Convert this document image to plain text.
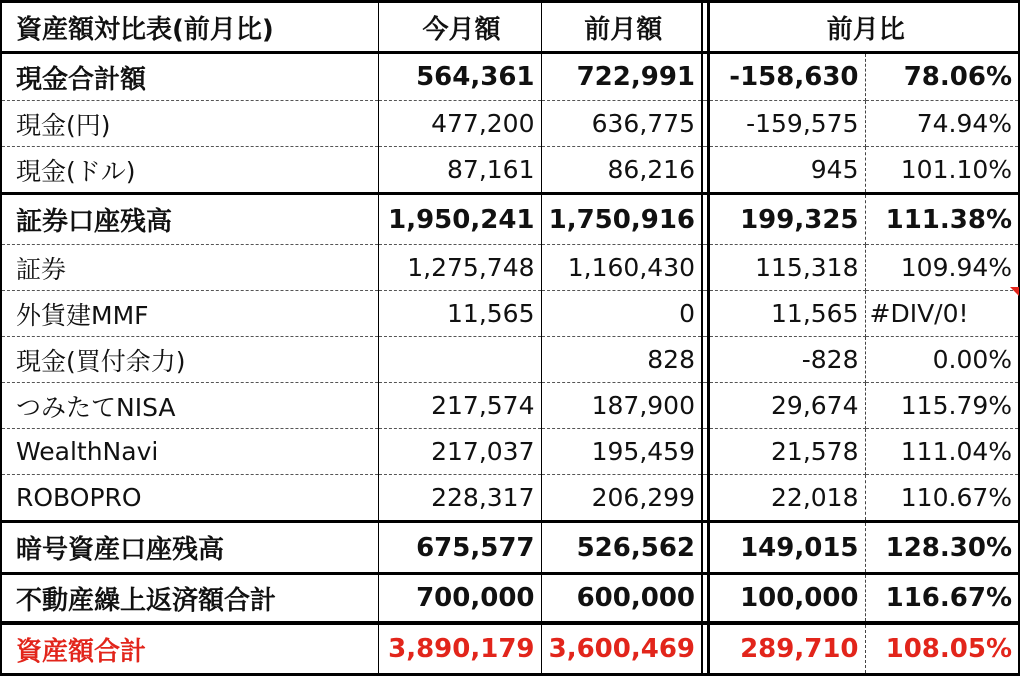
資産額対比表(前月比)	今月額	前月額		前月比	
現金合計額	564,361	722,991		-158,630	78.06%
現金(円)	477,200	636,775		-159,575	74.94%
現金(ドル)	87,161	86,216		945	101.10%
証券口座残高	1,950,241	1,750,916		199,325	111.38%
証券	1,275,748	1,160,430		115,318	109.94%
外貨建MMF	11,565	0		11,565	#DIV/0!
現金(買付余力)		828		-828	0.00%
つみたてNISA	217,574	187,900		29,674	115.79%
WealthNavi	217,037	195,459		21,578	111.04%
ROBOPRO	228,317	206,299		22,018	110.67%
暗号資産口座残高	675,577	526,562		149,015	128.30%
不動産繰上返済額合計	700,000	600,000		100,000	116.67%
資産額合計	3,890,179	3,600,469		289,710	108.05%
